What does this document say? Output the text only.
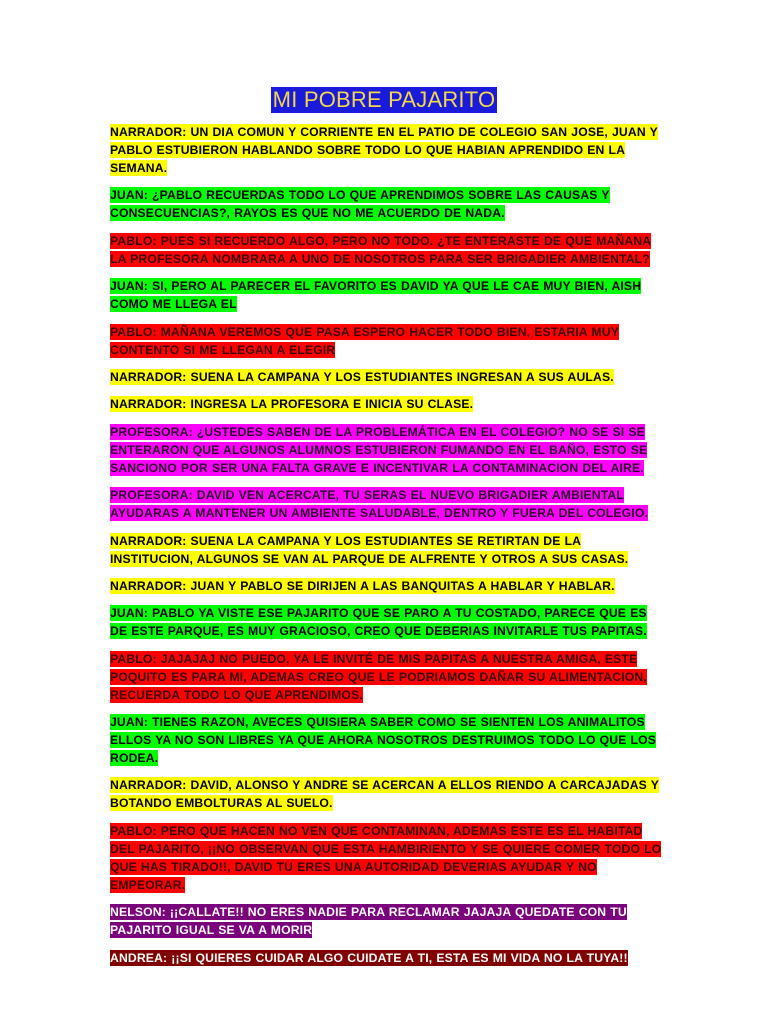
MI POBRE PAJARITO

NARRADOR: UN DIA COMUN Y CORRIENTE EN EL PATIO DE COLEGIO SAN JOSE, JUAN Y PABLO ESTUBIERON HABLANDO SOBRE TODO LO QUE HABIAN APRENDIDO EN LA SEMANA.

JUAN: ¿PABLO RECUERDAS TODO LO QUE APRENDIMOS SOBRE LAS CAUSAS Y CONSECUENCIAS?, RAYOS ES QUE NO ME ACUERDO DE NADA.

PABLO: PUES SI RECUERDO ALGO, PERO NO TODO. ¿TE ENTERASTE DE QUE MAÑANA LA PROFESORA NOMBRARA A UNO DE NOSOTROS PARA SER BRIGADIER AMBIENTAL?

JUAN: SI, PERO AL PARECER EL FAVORITO ES DAVID YA QUE LE CAE MUY BIEN, AISH COMO ME LLEGA EL

PABLO: MAÑANA VEREMOS QUE PASA ESPERO HACER TODO BIEN, ESTARIA MUY CONTENTO SI ME LLEGAN A ELEGIR

NARRADOR: SUENA LA CAMPANA Y LOS ESTUDIANTES INGRESAN A SUS AULAS.

NARRADOR: INGRESA LA PROFESORA E INICIA SU CLASE.

PROFESORA: ¿USTEDES SABEN DE LA PROBLEMÁTICA EN EL COLEGIO? NO SE SI SE ENTERARON QUE ALGUNOS ALUMNOS ESTUBIERON FUMANDO EN EL BAÑO, ESTO SE SANCIONO POR SER UNA FALTA GRAVE E INCENTIVAR LA CONTAMINACION DEL AIRE.

PROFESORA: DAVID VEN ACERCATE, TU SERAS EL NUEVO BRIGADIER AMBIENTAL AYUDARAS A MANTENER UN AMBIENTE SALUDABLE, DENTRO Y FUERA DEL COLEGIO.

NARRADOR: SUENA LA CAMPANA Y LOS ESTUDIANTES SE RETIRTAN DE LA INSTITUCION, ALGUNOS SE VAN AL PARQUE DE ALFRENTE Y OTROS A SUS CASAS.

NARRADOR: JUAN Y PABLO SE DIRIJEN A LAS BANQUITAS A HABLAR Y HABLAR.

JUAN: PABLO YA VISTE ESE PAJARITO QUE SE PARO A TU COSTADO, PARECE QUE ES DE ESTE PARQUE, ES MUY GRACIOSO, CREO QUE DEBERIAS INVITARLE TUS PAPITAS.

PABLO: JAJAJAJ NO PUEDO, YA LE INVITÉ DE MIS PAPITAS A NUESTRA AMIGA, ESTE POQUITO ES PARA MI, ADEMAS CREO QUE LE PODRIAMOS DAÑAR SU ALIMENTACION, RECUERDA TODO LO QUE APRENDIMOS.

JUAN: TIENES RAZON, AVECES QUISIERA SABER COMO SE SIENTEN LOS ANIMALITOS ELLOS YA NO SON LIBRES YA QUE AHORA NOSOTROS DESTRUIMOS TODO LO QUE LOS RODEA.

NARRADOR: DAVID, ALONSO Y ANDRE SE ACERCAN A ELLOS RIENDO A CARCAJADAS Y BOTANDO EMBOLTURAS AL SUELO.

PABLO: PERO QUE HACEN NO VEN QUE CONTAMINAN, ADEMAS ESTE ES EL HABITAD DEL PAJARITO, ¡¡NO OBSERVAN QUE ESTA HAMBIRIENTO Y SE QUIERE COMER TODO LO QUE HAS TIRADO!!, DAVID TU ERES UNA AUTORIDAD DEVERIAS AYUDAR Y NO EMPEORAR.

NELSON: ¡¡CALLATE!! NO ERES NADIE PARA RECLAMAR JAJAJA QUEDATE CON TU PAJARITO IGUAL SE VA A MORIR

ANDREA: ¡¡SI QUIERES CUIDAR ALGO CUIDATE A TI, ESTA ES MI VIDA NO LA TUYA!!
